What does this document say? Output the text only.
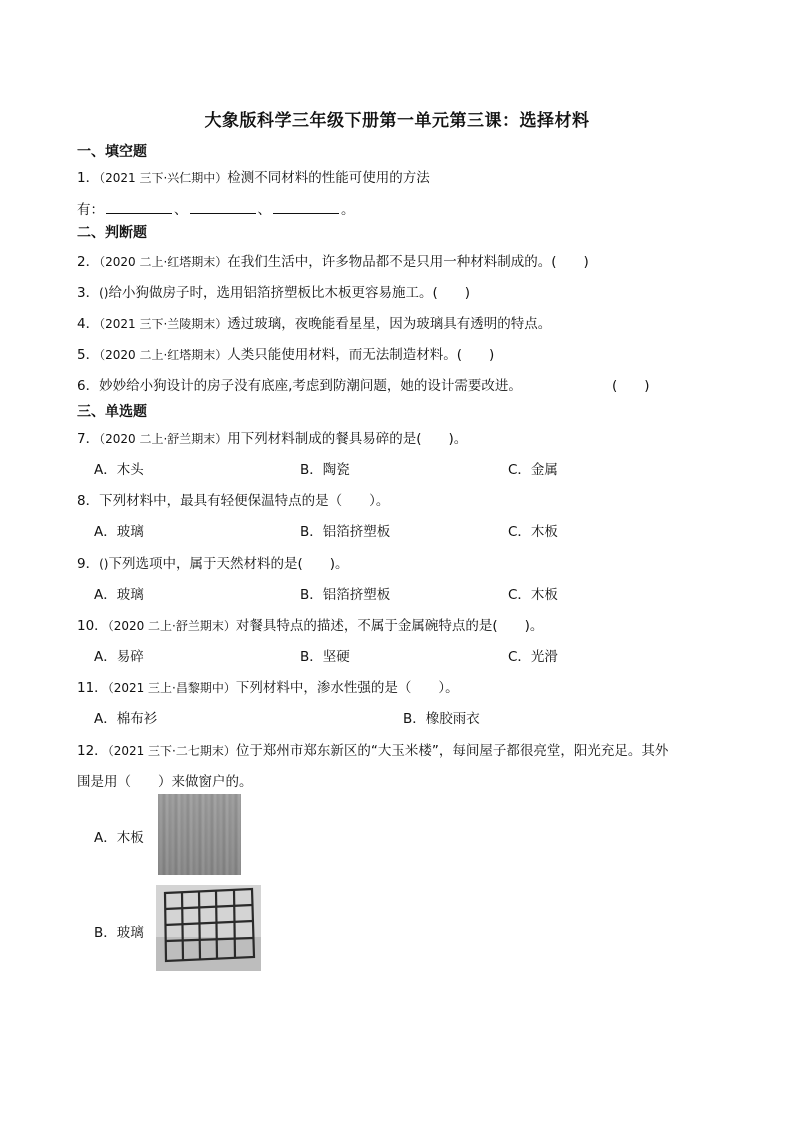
大象版科学三年级下册第一单元第三课：选择材料
一、填空题
1．（2021 三下·兴仁期中）检测不同材料的性能可使用的方法
有：	、	、	。
二、判断题
2．（2020 二上·红塔期末）在我们生活中，许多物品都不是只用一种材料制成的。(　　)
3．()给小狗做房子时，选用铝箔挤塑板比木板更容易施工。(　　)
4．（2021 三下·兰陵期末）透过玻璃，夜晚能看星星，因为玻璃具有透明的特点。
5．（2020 二上·红塔期末）人类只能使用材料，而无法制造材料。(　　)
6．妙妙给小狗设计的房子没有底座,考虑到防潮问题，她的设计需要改进。	(　　)
三、单选题
7．（2020 二上·舒兰期末）用下列材料制成的餐具易碎的是(　　)。
A．木头	B．陶瓷	C．金属
8．下列材料中，最具有轻便保温特点的是（　　）。
A．玻璃	B．铝箔挤塑板	C．木板
9．()下列选项中，属于天然材料的是(　　)。
A．玻璃	B．铝箔挤塑板	C．木板
10．（2020 二上·舒兰期末）对餐具特点的描述，不属于金属碗特点的是(　　)。
A．易碎	B．坚硬	C．光滑
11．（2021 三上·昌黎期中）下列材料中，渗水性强的是（　　）。
A．棉布衫	B．橡胶雨衣
12．（2021 三下·二七期末）位于郑州市郑东新区的“大玉米楼”，每间屋子都很亮堂，阳光充足。其外
围是用（　　）来做窗户的。
A．木板
B．玻璃
